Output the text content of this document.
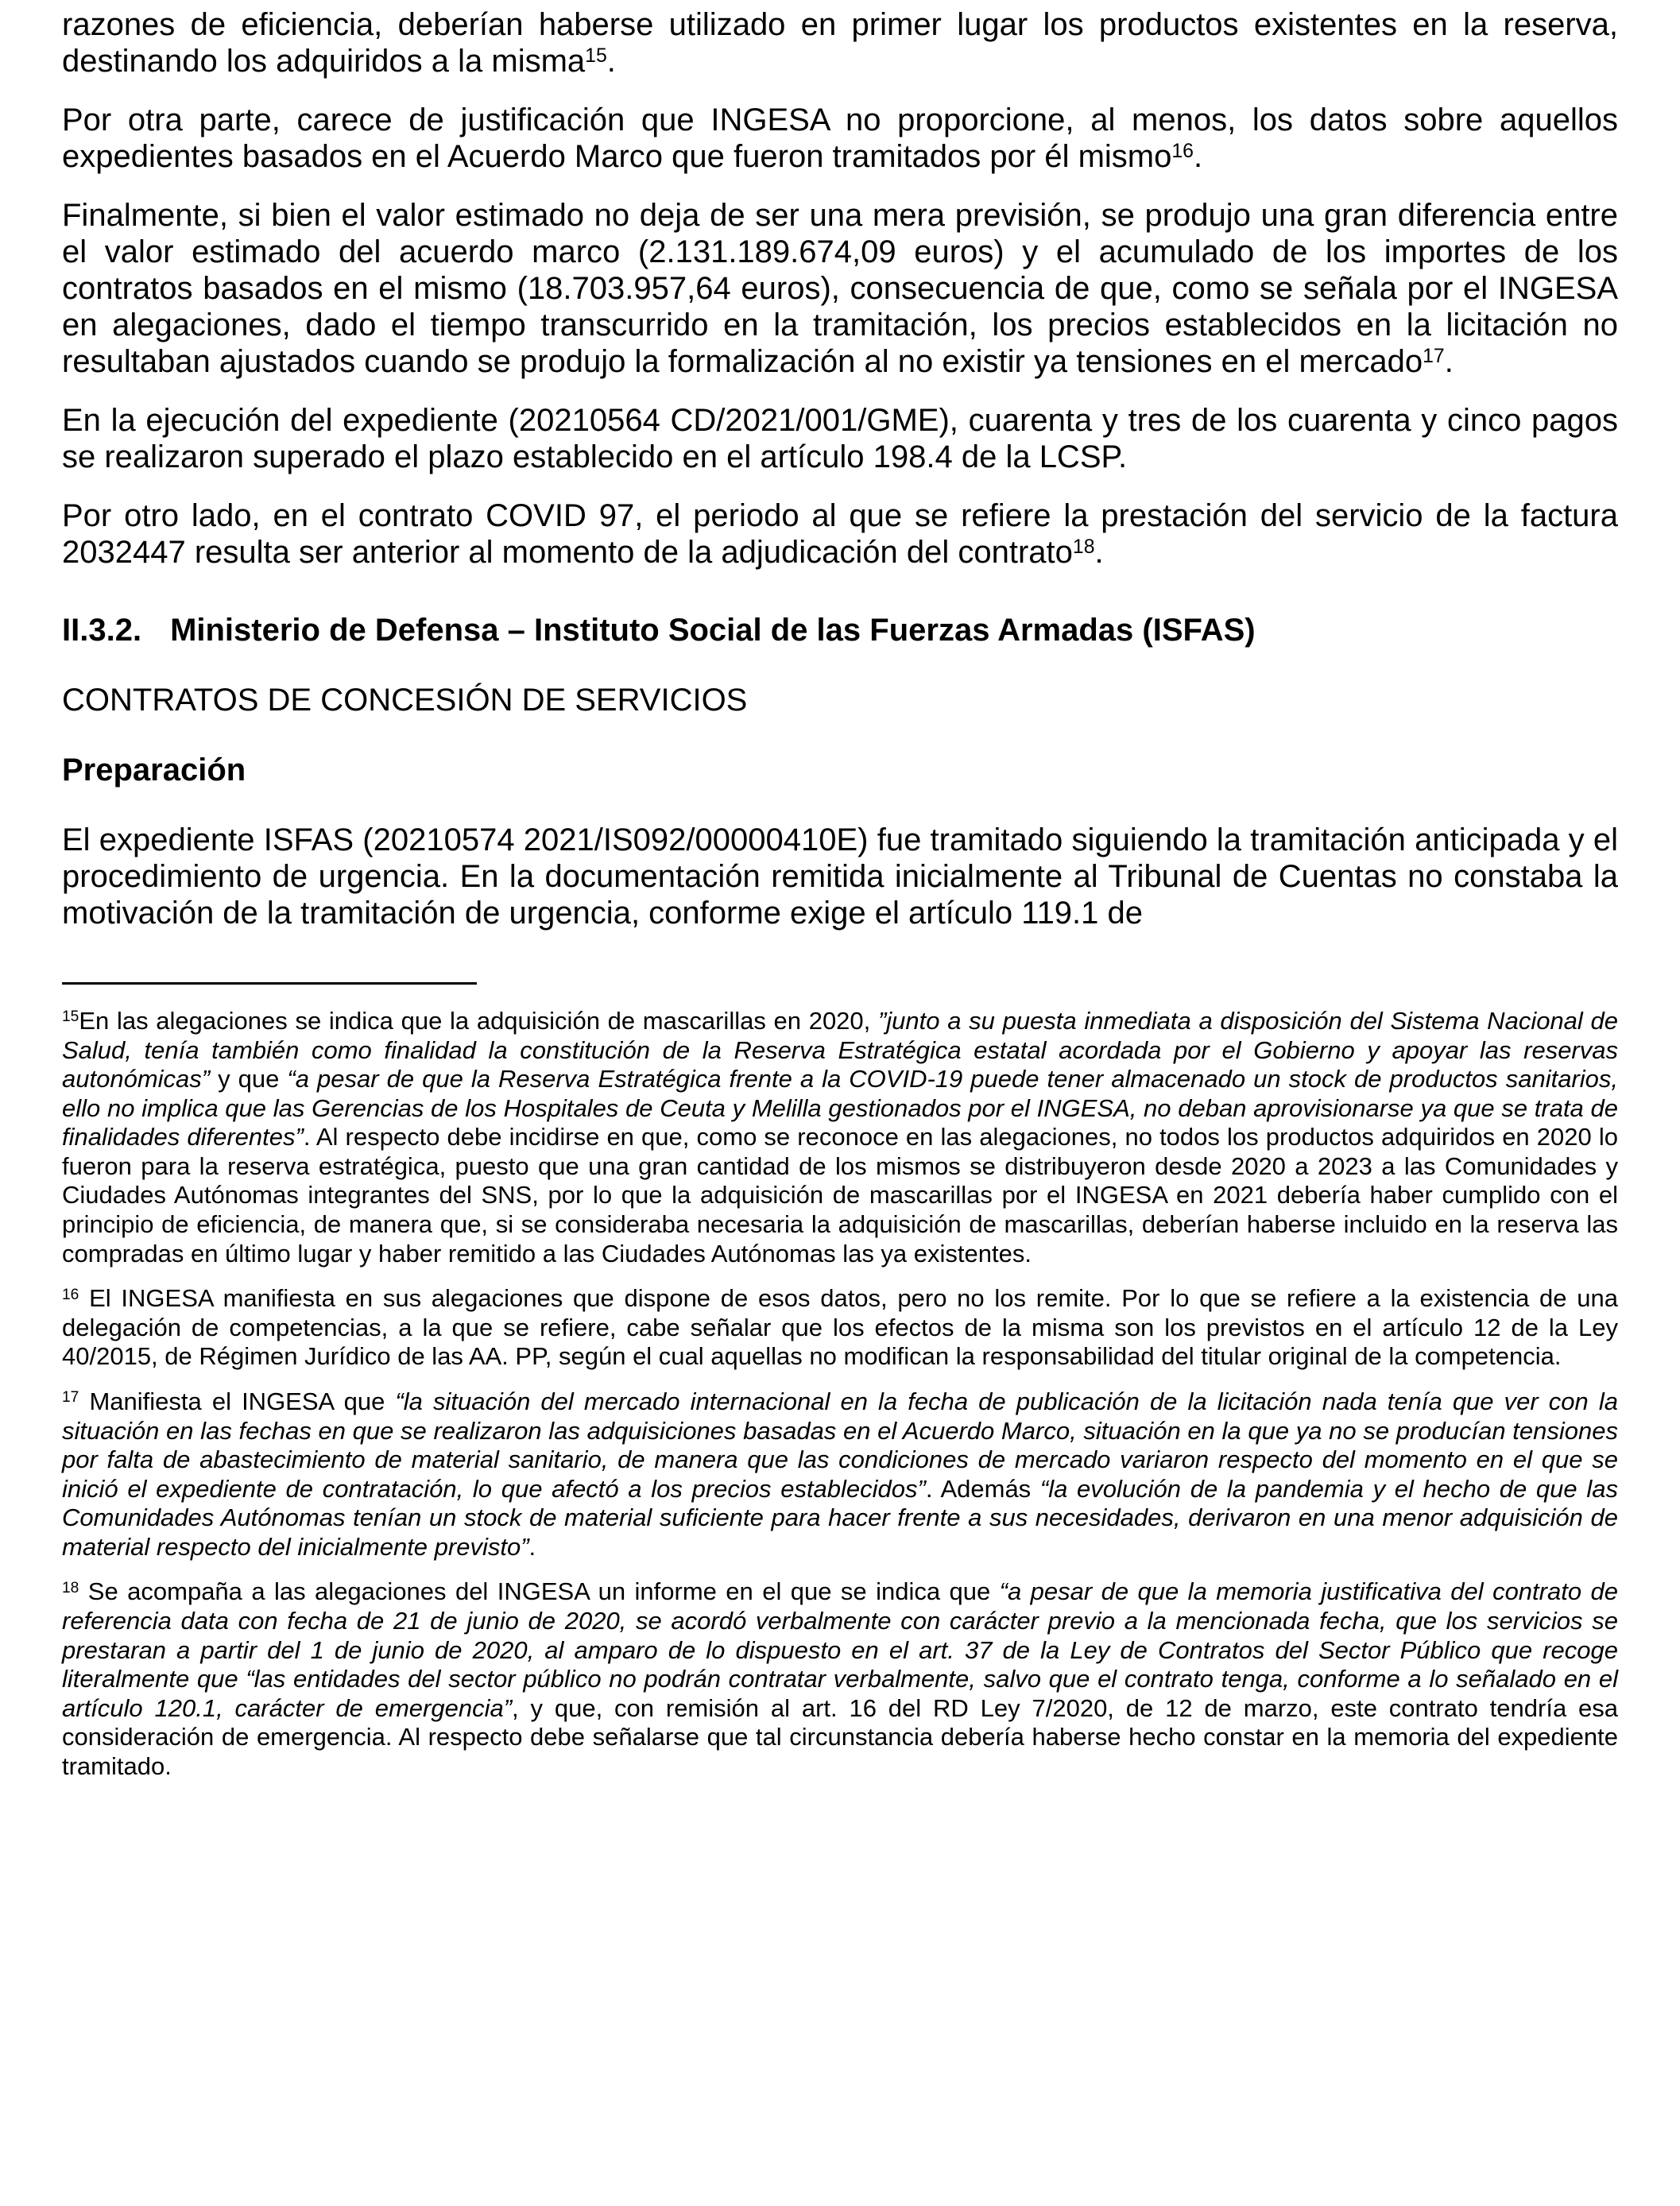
razones de eficiencia, deberían haberse utilizado en primer lugar los productos existentes en la reserva, destinando los adquiridos a la misma$^{15}$.

Por otra parte, carece de justificación que INGESA no proporcione, al menos, los datos sobre aquellos expedientes basados en el Acuerdo Marco que fueron tramitados por él mismo$^{16}$.

Finalmente, si bien el valor estimado no deja de ser una mera previsión, se produjo una gran diferencia entre el valor estimado del acuerdo marco (2.131.189.674,09 euros) y el acumulado de los importes de los contratos basados en el mismo (18.703.957,64 euros), consecuencia de que, como se señala por el INGESA en alegaciones, dado el tiempo transcurrido en la tramitación, los precios establecidos en la licitación no resultaban ajustados cuando se produjo la formalización al no existir ya tensiones en el mercado$^{17}$.

En la ejecución del expediente (20210564 CD/2021/001/GME), cuarenta y tres de los cuarenta y cinco pagos se realizaron superado el plazo establecido en el artículo 198.4 de la LCSP.

Por otro lado, en el contrato COVID 97, el periodo al que se refiere la prestación del servicio de la factura 2032447 resulta ser anterior al momento de la adjudicación del contrato$^{18}$.

II.3.2. Ministerio de Defensa – Instituto Social de las Fuerzas Armadas (ISFAS)

CONTRATOS DE CONCESIÓN DE SERVICIOS

Preparación

El expediente ISFAS (20210574 2021/IS092/00000410E) fue tramitado siguiendo la tramitación anticipada y el procedimiento de urgencia. En la documentación remitida inicialmente al Tribunal de Cuentas no constaba la motivación de la tramitación de urgencia, conforme exige el artículo 119.1 de

$^{15}$En las alegaciones se indica que la adquisición de mascarillas en 2020, ”junto a su puesta inmediata a disposición del Sistema Nacional de Salud, tenía también como finalidad la constitución de la Reserva Estratégica estatal acordada por el Gobierno y apoyar las reservas autonómicas” y que “a pesar de que la Reserva Estratégica frente a la COVID-19 puede tener almacenado un stock de productos sanitarios, ello no implica que las Gerencias de los Hospitales de Ceuta y Melilla gestionados por el INGESA, no deban aprovisionarse ya que se trata de finalidades diferentes”. Al respecto debe incidirse en que, como se reconoce en las alegaciones, no todos los productos adquiridos en 2020 lo fueron para la reserva estratégica, puesto que una gran cantidad de los mismos se distribuyeron desde 2020 a 2023 a las Comunidades y Ciudades Autónomas integrantes del SNS, por lo que la adquisición de mascarillas por el INGESA en 2021 debería haber cumplido con el principio de eficiencia, de manera que, si se consideraba necesaria la adquisición de mascarillas, deberían haberse incluido en la reserva las compradas en último lugar y haber remitido a las Ciudades Autónomas las ya existentes.

$^{16}$ El INGESA manifiesta en sus alegaciones que dispone de esos datos, pero no los remite. Por lo que se refiere a la existencia de una delegación de competencias, a la que se refiere, cabe señalar que los efectos de la misma son los previstos en el artículo 12 de la Ley 40/2015, de Régimen Jurídico de las AA. PP, según el cual aquellas no modifican la responsabilidad del titular original de la competencia.

$^{17}$ Manifiesta el INGESA que “la situación del mercado internacional en la fecha de publicación de la licitación nada tenía que ver con la situación en las fechas en que se realizaron las adquisiciones basadas en el Acuerdo Marco, situación en la que ya no se producían tensiones por falta de abastecimiento de material sanitario, de manera que las condiciones de mercado variaron respecto del momento en el que se inició el expediente de contratación, lo que afectó a los precios establecidos”. Además “la evolución de la pandemia y el hecho de que las Comunidades Autónomas tenían un stock de material suficiente para hacer frente a sus necesidades, derivaron en una menor adquisición de material respecto del inicialmente previsto”.

$^{18}$ Se acompaña a las alegaciones del INGESA un informe en el que se indica que “a pesar de que la memoria justificativa del contrato de referencia data con fecha de 21 de junio de 2020, se acordó verbalmente con carácter previo a la mencionada fecha, que los servicios se prestaran a partir del 1 de junio de 2020, al amparo de lo dispuesto en el art. 37 de la Ley de Contratos del Sector Público que recoge literalmente que “las entidades del sector público no podrán contratar verbalmente, salvo que el contrato tenga, conforme a lo señalado en el artículo 120.1, carácter de emergencia”, y que, con remisión al art. 16 del RD Ley 7/2020, de 12 de marzo, este contrato tendría esa consideración de emergencia. Al respecto debe señalarse que tal circunstancia debería haberse hecho constar en la memoria del expediente tramitado.
